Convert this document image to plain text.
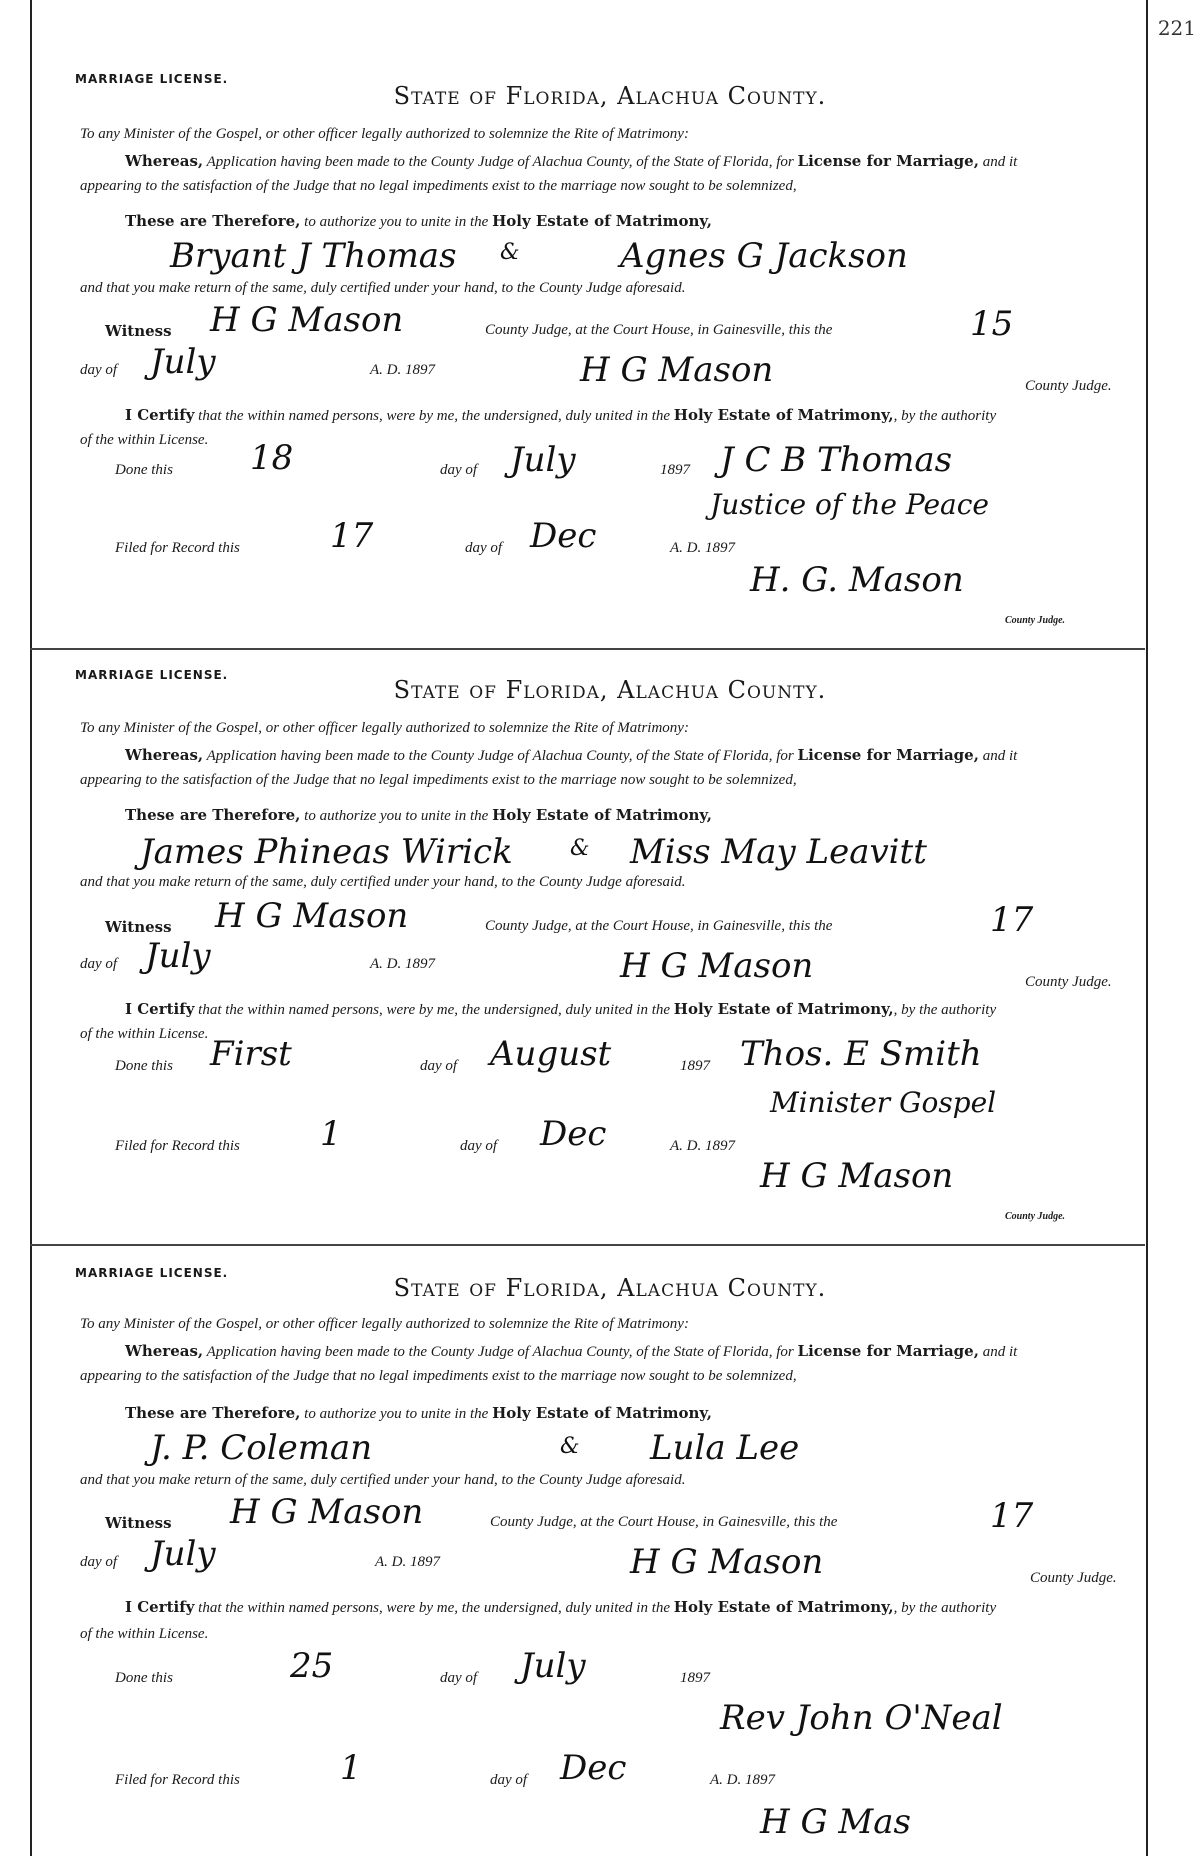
221
MARRIAGE LICENSE.
State of Florida, Alachua County.
To any Minister of the Gospel, or other officer legally authorized to solemnize the Rite of Matrimony:
Whereas, Application having been made to the County Judge of Alachua County, of the State of Florida, for License for Marriage, and it
appearing to the satisfaction of the Judge that no legal impediments exist to the marriage now sought to be solemnized,
These are Therefore, to authorize you to unite in the Holy Estate of Matrimony,
Bryant J Thomas &	Agnes G Jackson
and that you make return of the same, duly certified under your hand, to the County Judge aforesaid.
Witness H G Mason	County Judge, at the Court House, in Gainesville, this the	15
day of July	A. D. 1897	H G Mason	County Judge.
I Certify that the within named persons, were by me, the undersigned, duly united in the Holy Estate of Matrimony,, by the authority
of the within License.
Done this 18	day of July	1897 J C B Thomas
Justice of the Peace
Filed for Record this	17	day of Dec	A. D. 1897
H. G. Mason
County Judge.
MARRIAGE LICENSE.
State of Florida, Alachua County.
To any Minister of the Gospel, or other officer legally authorized to solemnize the Rite of Matrimony:
Whereas, Application having been made to the County Judge of Alachua County, of the State of Florida, for License for Marriage, and it
appearing to the satisfaction of the Judge that no legal impediments exist to the marriage now sought to be solemnized,
These are Therefore, to authorize you to unite in the Holy Estate of Matrimony,
James Phineas Wirick	& Miss May Leavitt
and that you make return of the same, duly certified under your hand, to the County Judge aforesaid.
Witness H G Mason	County Judge, at the Court House, in Gainesville, this the	17
day of July	A. D. 1897	H G Mason	County Judge.
I Certify that the within named persons, were by me, the undersigned, duly united in the Holy Estate of Matrimony,, by the authority
of the within License.
Done this First	day of August	1897 Thos. E Smith
Minister Gospel
Filed for Record this 1	day of Dec	A. D. 1897
H G Mason
County Judge.
MARRIAGE LICENSE.
State of Florida, Alachua County.
To any Minister of the Gospel, or other officer legally authorized to solemnize the Rite of Matrimony:
Whereas, Application having been made to the County Judge of Alachua County, of the State of Florida, for License for Marriage, and it
appearing to the satisfaction of the Judge that no legal impediments exist to the marriage now sought to be solemnized,
These are Therefore, to authorize you to unite in the Holy Estate of Matrimony,
J. P. Coleman	& Lula Lee
and that you make return of the same, duly certified under your hand, to the County Judge aforesaid.
Witness H G Mason	County Judge, at the Court House, in Gainesville, this the	17
day of July	A. D. 1897	H G Mason	County Judge.
I Certify that the within named persons, were by me, the undersigned, duly united in the Holy Estate of Matrimony,, by the authority
of the within License.
Done this	25	day of July	1897
Rev John O'Neal
Filed for Record this	1	day of Dec	A. D. 1897
H G Mas
